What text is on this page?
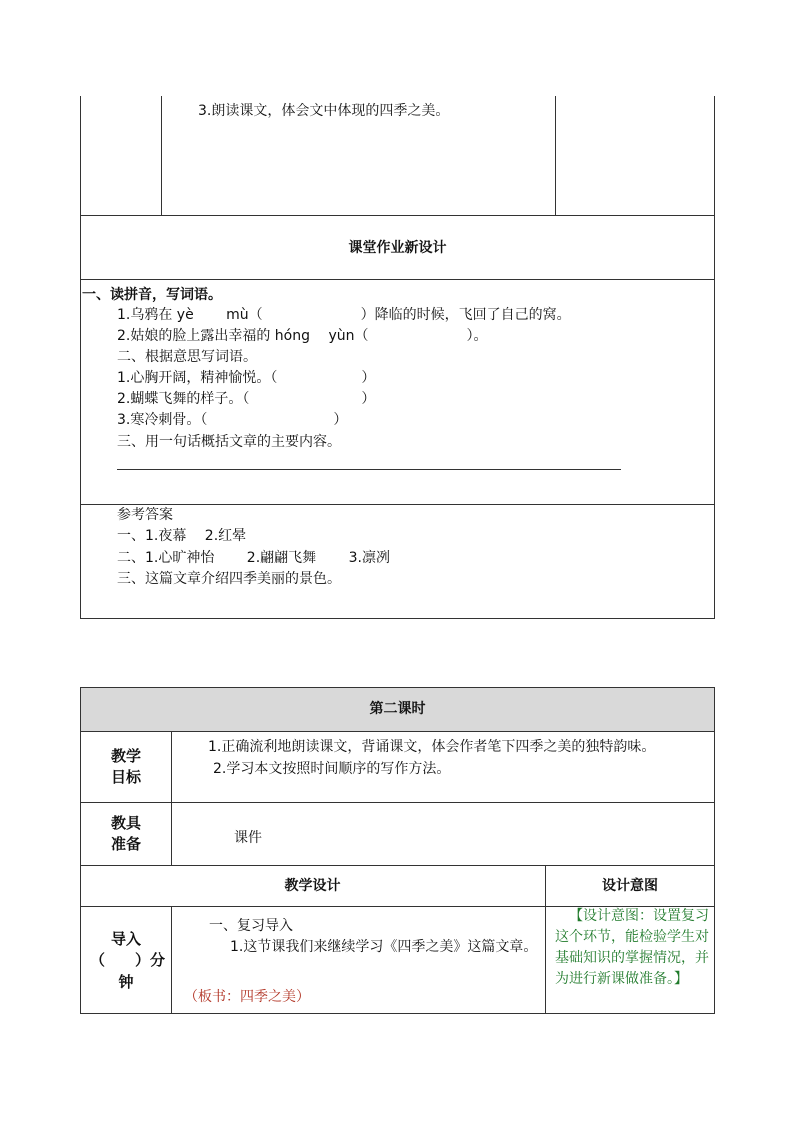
3.朗读课文，体会文中体现的四季之美。
课堂作业新设计
一、读拼音，写词语。
1.乌鸦在 yè　　 mù（　　　　　　　）降临的时候，飞回了自己的窝。
2.姑娘的脸上露出幸福的 hóng　 yùn（　　　　　　　）。
二、根据意思写词语。
1.心胸开阔，精神愉悦。（　　　　　　）
2.蝴蝶飞舞的样子。（　　　　　　　　）
3.寒冷刺骨。（　　　　　　　　　）
三、用一句话概括文章的主要内容。
参考答案
一、1.夜幕　 2.红晕
二、1.心旷神怡　　 2.翩翩飞舞　　 3.凛冽
三、这篇文章介绍四季美丽的景色。
第二课时
教学
目标
1.正确流利地朗读课文，背诵课文，体会作者笔下四季之美的独特韵味。
2.学习本文按照时间顺序的写作方法。
教具
准备	课件
教学设计	设计意图
导入
（　　）分
钟
一、复习导入
1.这节课我们来继续学习《四季之美》这篇文章。
（板书：四季之美）
【设计意图：设置复习这个环节，能检验学生对基础知识的掌握情况，并为进行新课做准备。】
